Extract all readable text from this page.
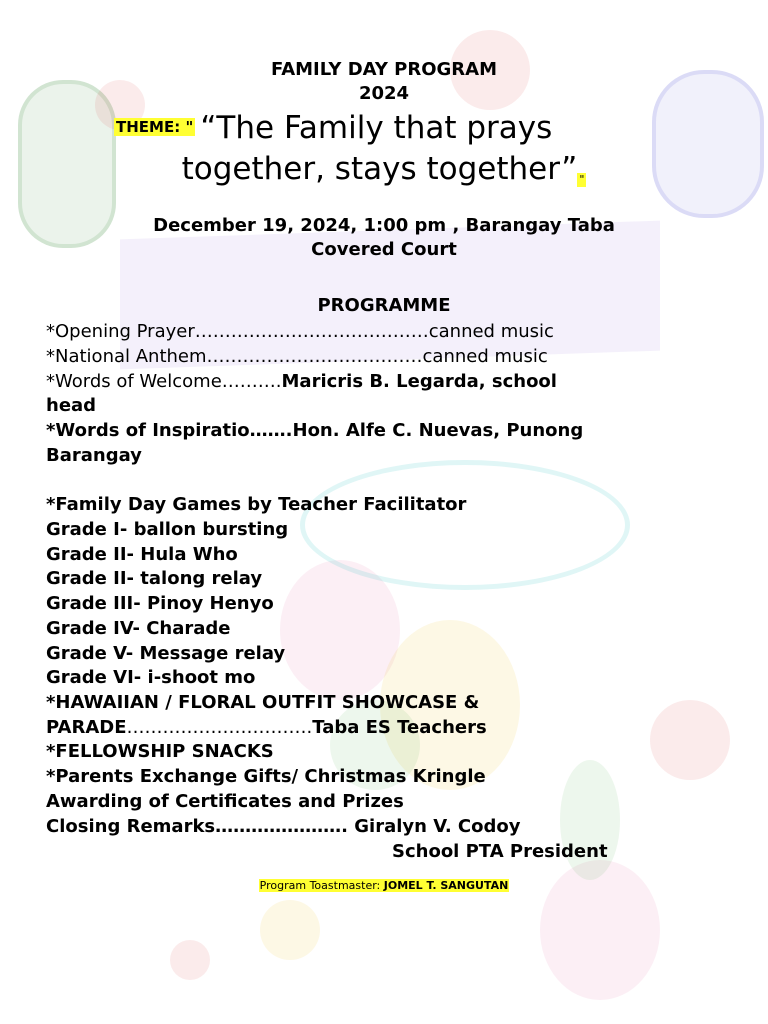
FAMILY DAY PROGRAM
2024
THEME: " “The Family that prays
together, stays together” "
December 19, 2024, 1:00 pm , Barangay Taba
Covered Court
PROGRAMME
*Opening Prayer…………………………………canned music
*National Anthem………………………………canned music
*Words of Welcome……….Maricris B. Legarda, school
head
*Words of Inspiratio…….Hon. Alfe C. Nuevas, Punong
Barangay
*Family Day Games by Teacher Facilitator
Grade I- ballon bursting
Grade II- Hula Who
Grade II- talong relay
Grade III- Pinoy Henyo
Grade IV- Charade
Grade V- Message relay
Grade VI- i-shoot mo
*HAWAIIAN / FLORAL OUTFIT SHOWCASE &
PARADE………………………….Taba ES Teachers
*FELLOWSHIP SNACKS
*Parents Exchange Gifts/ Christmas Kringle
Awarding of Certificates and Prizes
Closing Remarks…………………. Giralyn V. Codoy
School PTA President
Program Toastmaster: JOMEL T. SANGUTAN
